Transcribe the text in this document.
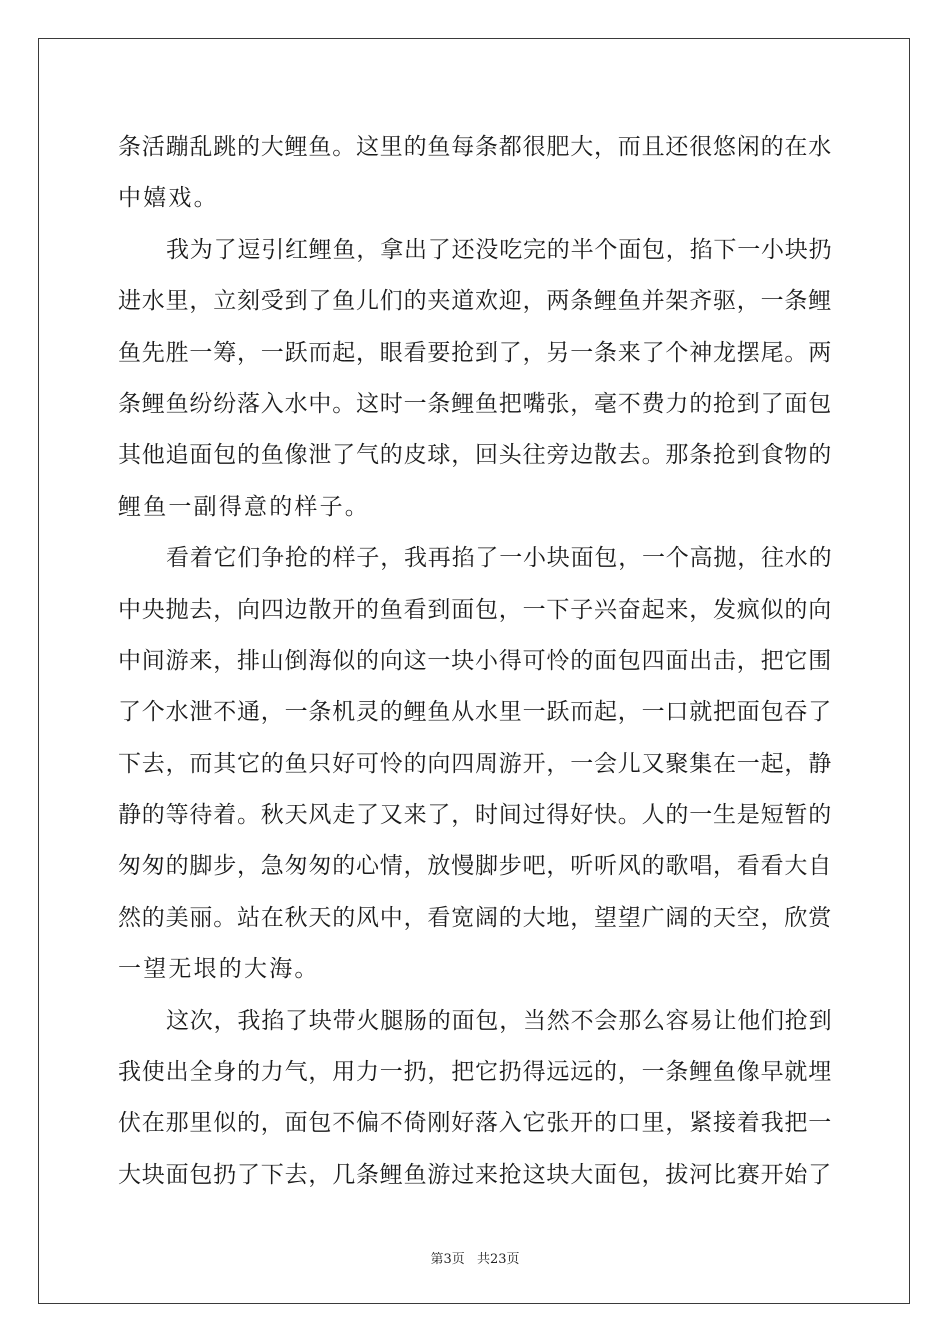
条活蹦乱跳的大鲤鱼。这里的鱼每条都很肥大，而且还很悠闲的在水
中嬉戏。
我为了逗引红鲤鱼，拿出了还没吃完的半个面包，掐下一小块扔
进水里，立刻受到了鱼儿们的夹道欢迎，两条鲤鱼并架齐驱，一条鲤
鱼先胜一筹，一跃而起，眼看要抢到了，另一条来了个神龙摆尾。两
条鲤鱼纷纷落入水中。这时一条鲤鱼把嘴张，毫不费力的抢到了面包
其他追面包的鱼像泄了气的皮球，回头往旁边散去。那条抢到食物的
鲤鱼一副得意的样子。
看着它们争抢的样子，我再掐了一小块面包，一个高抛，往水的
中央抛去，向四边散开的鱼看到面包，一下子兴奋起来，发疯似的向
中间游来，排山倒海似的向这一块小得可怜的面包四面出击，把它围
了个水泄不通，一条机灵的鲤鱼从水里一跃而起，一口就把面包吞了
下去，而其它的鱼只好可怜的向四周游开，一会儿又聚集在一起，静
静的等待着。秋天风走了又来了，时间过得好快。人的一生是短暂的
匆匆的脚步，急匆匆的心情，放慢脚步吧，听听风的歌唱，看看大自
然的美丽。站在秋天的风中，看宽阔的大地，望望广阔的天空，欣赏
一望无垠的大海。
这次，我掐了块带火腿肠的面包，当然不会那么容易让他们抢到
我使出全身的力气，用力一扔，把它扔得远远的，一条鲤鱼像早就埋
伏在那里似的，面包不偏不倚刚好落入它张开的口里，紧接着我把一
大块面包扔了下去，几条鲤鱼游过来抢这块大面包，拔河比赛开始了
第3页 共23页
